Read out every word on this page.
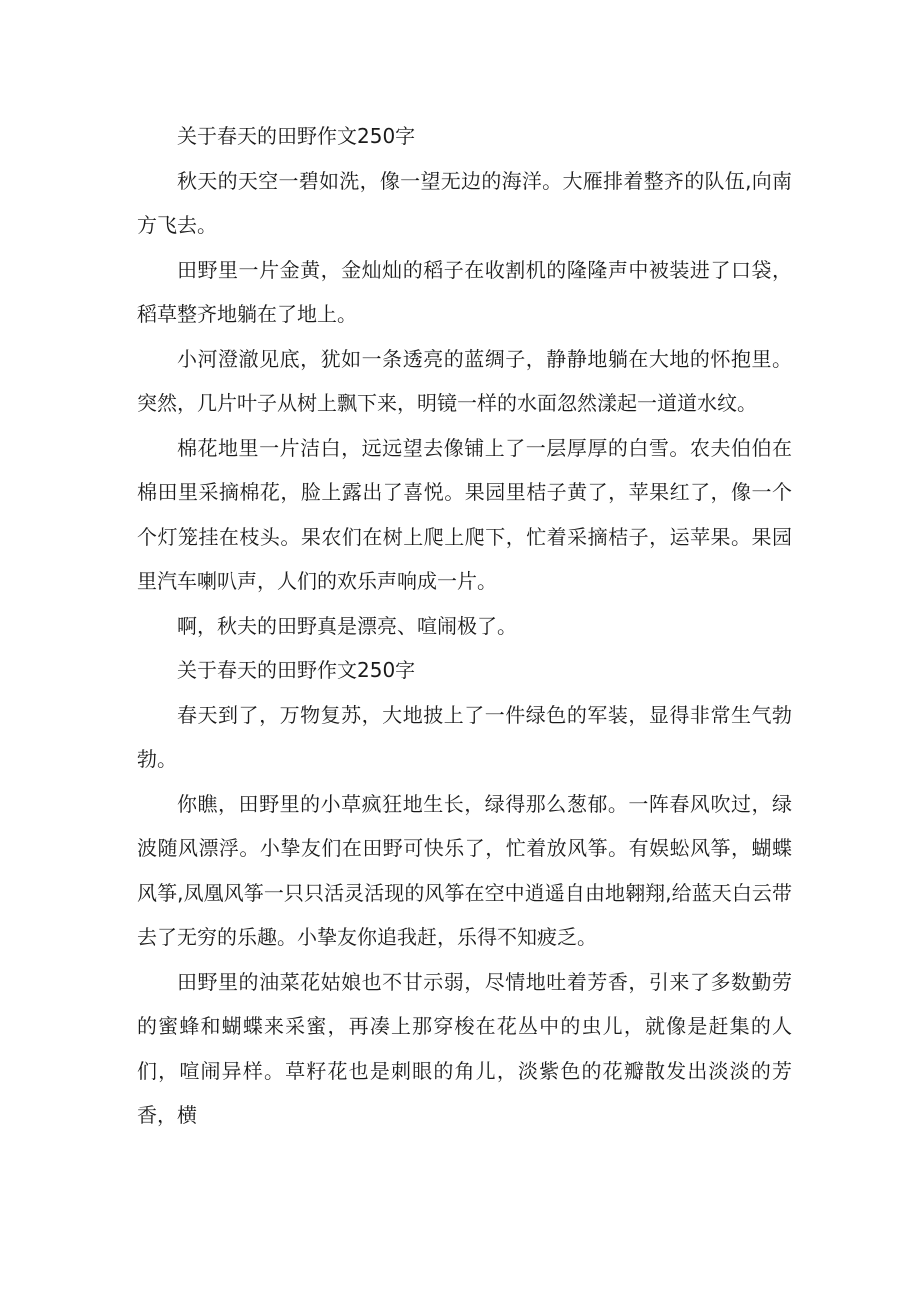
关于春天的田野作文250字

秋天的天空一碧如洗，像一望无边的海洋。大雁排着整齐的队伍,向南方飞去。

田野里一片金黄，金灿灿的稻子在收割机的隆隆声中被装进了口袋，稻草整齐地躺在了地上。

小河澄澈见底，犹如一条透亮的蓝绸子，静静地躺在大地的怀抱里。突然，几片叶子从树上飘下来，明镜一样的水面忽然漾起一道道水纹。

棉花地里一片洁白，远远望去像铺上了一层厚厚的白雪。农夫伯伯在棉田里采摘棉花，脸上露出了喜悦。果园里桔子黄了，苹果红了，像一个个灯笼挂在枝头。果农们在树上爬上爬下，忙着采摘桔子，运苹果。果园里汽车喇叭声，人们的欢乐声响成一片。

啊，秋夫的田野真是漂亮、喧闹极了。

关于春天的田野作文250字

春天到了，万物复苏，大地披上了一件绿色的军装，显得非常生气勃勃。

你瞧，田野里的小草疯狂地生长，绿得那么葱郁。一阵春风吹过，绿波随风漂浮。小挚友们在田野可快乐了，忙着放风筝。有娱蚣风筝，蝴蝶风筝,凤凰风筝一只只活灵活现的风筝在空中逍遥自由地翱翔,给蓝天白云带去了无穷的乐趣。小挚友你追我赶，乐得不知疲乏。

田野里的油菜花姑娘也不甘示弱，尽情地吐着芳香，引来了多数勤劳的蜜蜂和蝴蝶来采蜜，再凑上那穿梭在花丛中的虫儿，就像是赶集的人们，喧闹异样。草籽花也是刺眼的角儿，淡紫色的花瓣散发出淡淡的芳香，横
